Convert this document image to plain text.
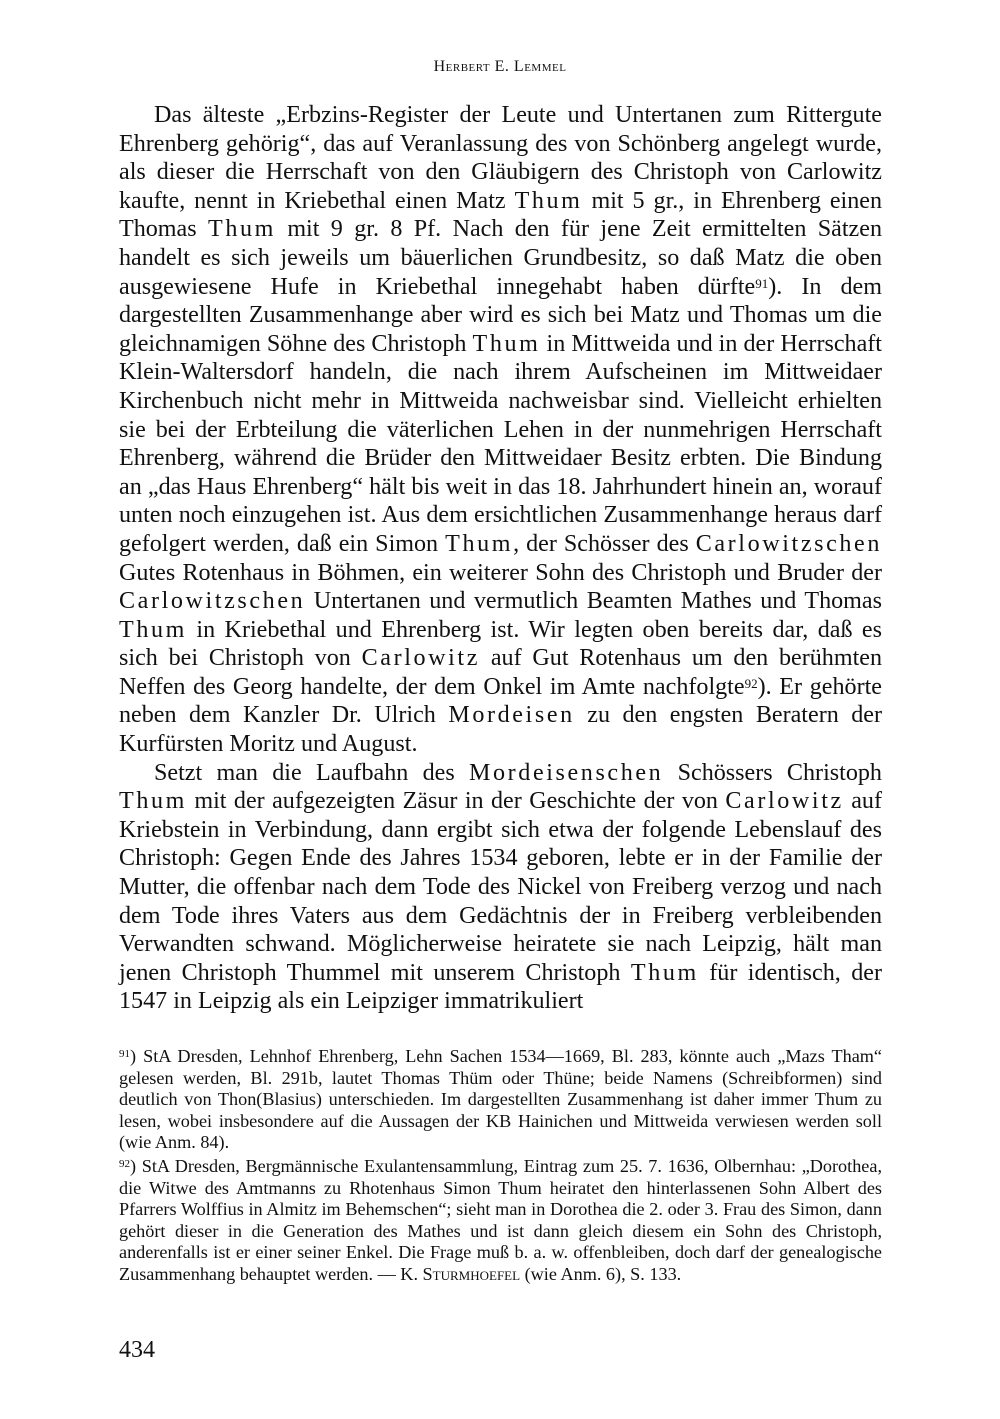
Herbert E. Lemmel

Das älteste „Erbzins-Register der Leute und Untertanen zum Rittergute Ehrenberg gehörig“, das auf Veranlassung des von Schönberg angelegt wurde, als dieser die Herrschaft von den Gläubigern des Christoph von Carlowitz kaufte, nennt in Kriebethal einen Matz Thum mit 5 gr., in Ehrenberg einen Thomas Thum mit 9 gr. 8 Pf. Nach den für jene Zeit ermittelten Sätzen handelt es sich jeweils um bäuerlichen Grundbesitz, so daß Matz die oben ausgewiesene Hufe in Kriebethal innegehabt haben dürfte$^{91}$). In dem dargestellten Zusammenhange aber wird es sich bei Matz und Thomas um die gleichnamigen Söhne des Christoph Thum in Mittweida und in der Herrschaft Klein-Waltersdorf handeln, die nach ihrem Aufscheinen im Mittweidaer Kirchenbuch nicht mehr in Mittweida nachweisbar sind. Vielleicht erhielten sie bei der Erbteilung die väterlichen Lehen in der nunmehrigen Herrschaft Ehrenberg, während die Brüder den Mittweidaer Besitz erbten. Die Bindung an „das Haus Ehrenberg“ hält bis weit in das 18. Jahrhundert hinein an, worauf unten noch einzugehen ist. Aus dem ersichtlichen Zusammenhange heraus darf gefolgert werden, daß ein Simon Thum, der Schösser des Carlowitzschen Gutes Rotenhaus in Böhmen, ein weiterer Sohn des Christoph und Bruder der Carlowitzschen Untertanen und vermutlich Beamten Mathes und Thomas Thum in Kriebethal und Ehrenberg ist. Wir legten oben bereits dar, daß es sich bei Christoph von Carlowitz auf Gut Rotenhaus um den berühmten Neffen des Georg handelte, der dem Onkel im Amte nachfolgte$^{92}$). Er gehörte neben dem Kanzler Dr. Ulrich Mordeisen zu den engsten Beratern der Kurfürsten Moritz und August.

Setzt man die Laufbahn des Mordeisenschen Schössers Christoph Thum mit der aufgezeigten Zäsur in der Geschichte der von Carlowitz auf Kriebstein in Verbindung, dann ergibt sich etwa der folgende Lebenslauf des Christoph: Gegen Ende des Jahres 1534 geboren, lebte er in der Familie der Mutter, die offenbar nach dem Tode des Nickel von Freiberg verzog und nach dem Tode ihres Vaters aus dem Gedächtnis der in Freiberg verbleibenden Verwandten schwand. Möglicherweise heiratete sie nach Leipzig, hält man jenen Christoph Thummel mit unserem Christoph Thum für identisch, der 1547 in Leipzig als ein Leipziger immatrikuliert

$^{91}$) StA Dresden, Lehnhof Ehrenberg, Lehn Sachen 1534—1669, Bl. 283, könnte auch „Mazs Tham“ gelesen werden, Bl. 291b, lautet Thomas Thüm oder Thüne; beide Namens (Schreibformen) sind deutlich von Thon(Blasius) unterschieden. Im dargestellten Zusammenhang ist daher immer Thum zu lesen, wobei insbesondere auf die Aussagen der KB Hainichen und Mittweida verwiesen werden soll (wie Anm. 84).

$^{92}$) StA Dresden, Bergmännische Exulantensammlung, Eintrag zum 25. 7. 1636, Olbernhau: „Dorothea, die Witwe des Amtmanns zu Rhotenhaus Simon Thum heiratet den hinterlassenen Sohn Albert des Pfarrers Wolffius in Almitz im Behemschen“; sieht man in Dorothea die 2. oder 3. Frau des Simon, dann gehört dieser in die Generation des Mathes und ist dann gleich diesem ein Sohn des Christoph, anderenfalls ist er einer seiner Enkel. Die Frage muß b. a. w. offenbleiben, doch darf der genealogische Zusammenhang behauptet werden. — K. Sturmhoefel (wie Anm. 6), S. 133.

434
